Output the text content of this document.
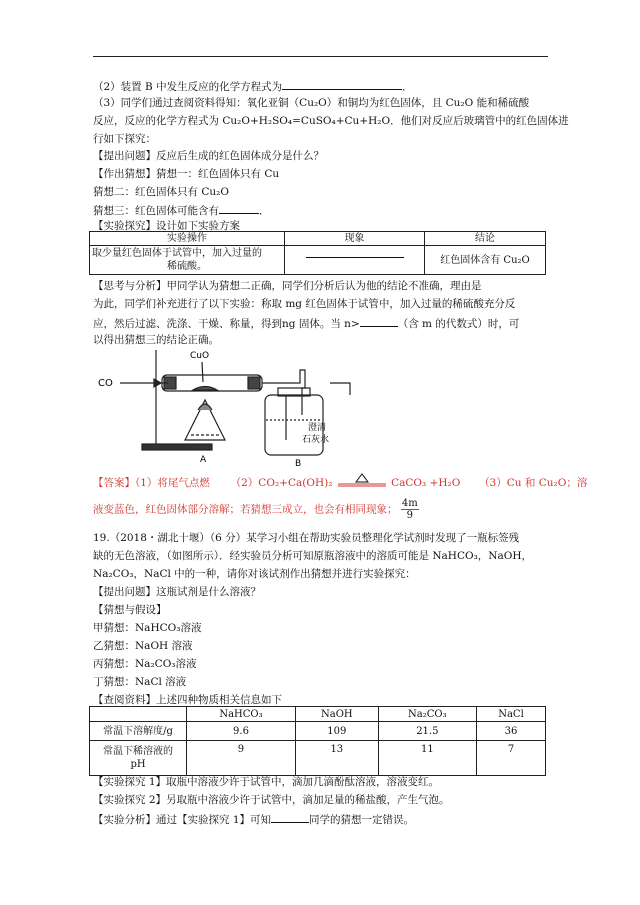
（2）装置 B 中发生反应的化学方程式为	．
（3）同学们通过查阅资料得知：氧化亚铜（Cu₂O）和铜均为红色固体，且 Cu₂O 能和稀硫酸
反应，反应的化学方程式为 Cu₂O+H₂SO₄=CuSO₄+Cu+H₂O．他们对反应后玻璃管中的红色固体进
行如下探究：
【提出问题】反应后生成的红色固体成分是什么？
【作出猜想】猜想一：红色固体只有 Cu
猜想二：红色固体只有 Cu₂O
猜想三：红色固体可能含有	．
【实验探究】设计如下实验方案
实验操作	现象	结论

取少量红色固体于试管中，加入过量的
稀硫酸。		红色固体含有 Cu₂O
【思考与分析】甲同学认为猜想二正确，同学们分析后认为他的结论不准确，理由是
为此，同学们补充进行了以下实验：称取 mg 红色固体于试管中，加入过量的稀硫酸充分反
应，然后过滤、洗涤、干燥、称量，得到ng 固体。当 n>	（含 m 的代数式）时，可
以得出猜想三的结论正确。
CO
CuO
A	B
澄清
石灰水
【答案】（1）将尾气点燃 （2）CO₂+Ca(OH)₂	CaCO₃ +H₂O （3）Cu 和 Cu₂O；溶
液变蓝色，红色固体部分溶解；若猜想三成立，也会有相同现象； $\frac{4m}{9}$
19.（2018・湖北十堰）（6 分）某学习小组在帮助实验员整理化学试剂时发现了一瓶标签残
缺的无色溶液，（如图所示）．经实验员分析可知原瓶溶液中的溶质可能是 NaHCO₃，NaOH，
Na₂CO₃，NaCl 中的一种，请你对该试剂作出猜想并进行实验探究：
【提出问题】这瓶试剂是什么溶液？
【猜想与假设】
甲猜想：NaHCO₃溶液
乙猜想：NaOH 溶液
丙猜想：Na₂CO₃溶液
丁猜想：NaCl 溶液
【查阅资料】上述四种物质相关信息如下
	NaHCO₃	NaOH	Na₂CO₃	NaCl
常温下溶解度/g	9.6	109	21.5	36

常温下稀溶液的
pH	9	13	11	7
【实验探究 1】取瓶中溶液少许于试管中，滴加几滴酚酞溶液，溶液变红。
【实验探究 2】另取瓶中溶液少许于试管中，滴加足量的稀盐酸，产生气泡。
【实验分析】通过【实验探究 1】可知	同学的猜想一定错误。
